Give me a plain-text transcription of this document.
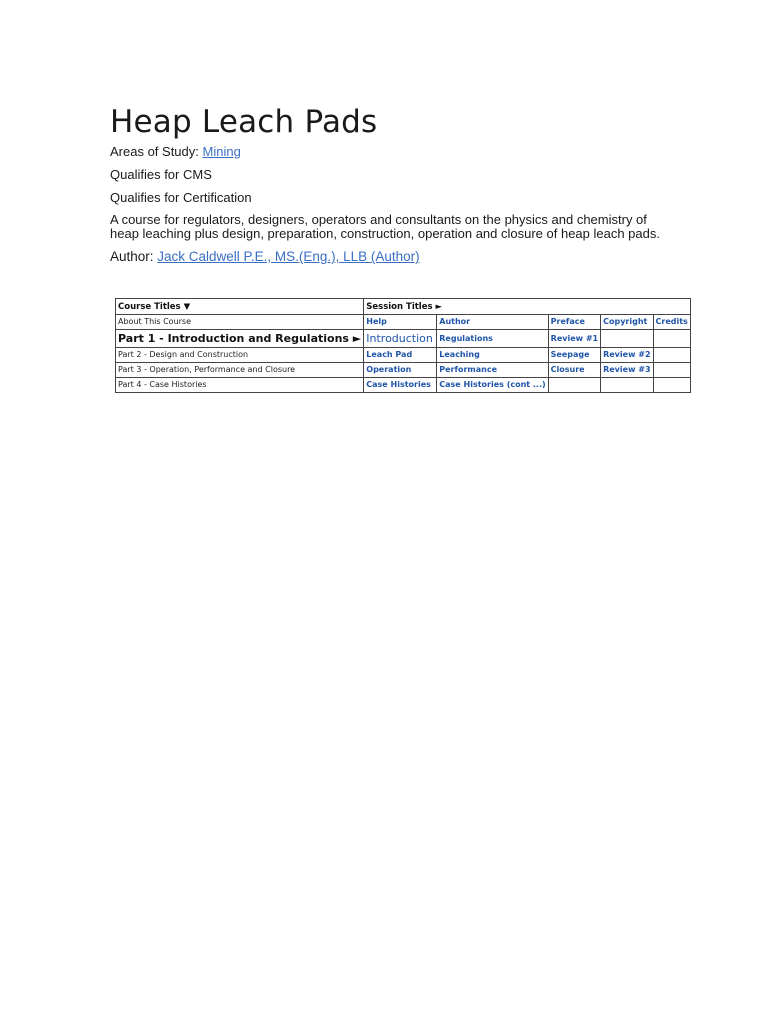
Heap Leach Pads

Areas of Study: Mining

Qualifies for CMS

Qualifies for Certification

A course for regulators, designers, operators and consultants on the physics and chemistry of heap leaching plus design, preparation, construction, operation and closure of heap leach pads.

Author: Jack Caldwell P.E., MS.(Eng.), LLB (Author)

Course Titles ▼	Session Titles ►				
About This Course	Help	Author	Preface	Copyright	Credits
Part 1 - Introduction and Regulations ►	Introduction	Regulations	Review #1		
Part 2 - Design and Construction	Leach Pad	Leaching	Seepage	Review #2	
Part 3 - Operation, Performance and Closure	Operation	Performance	Closure	Review #3	
Part 4 - Case Histories	Case Histories	Case Histories (cont ...)			
